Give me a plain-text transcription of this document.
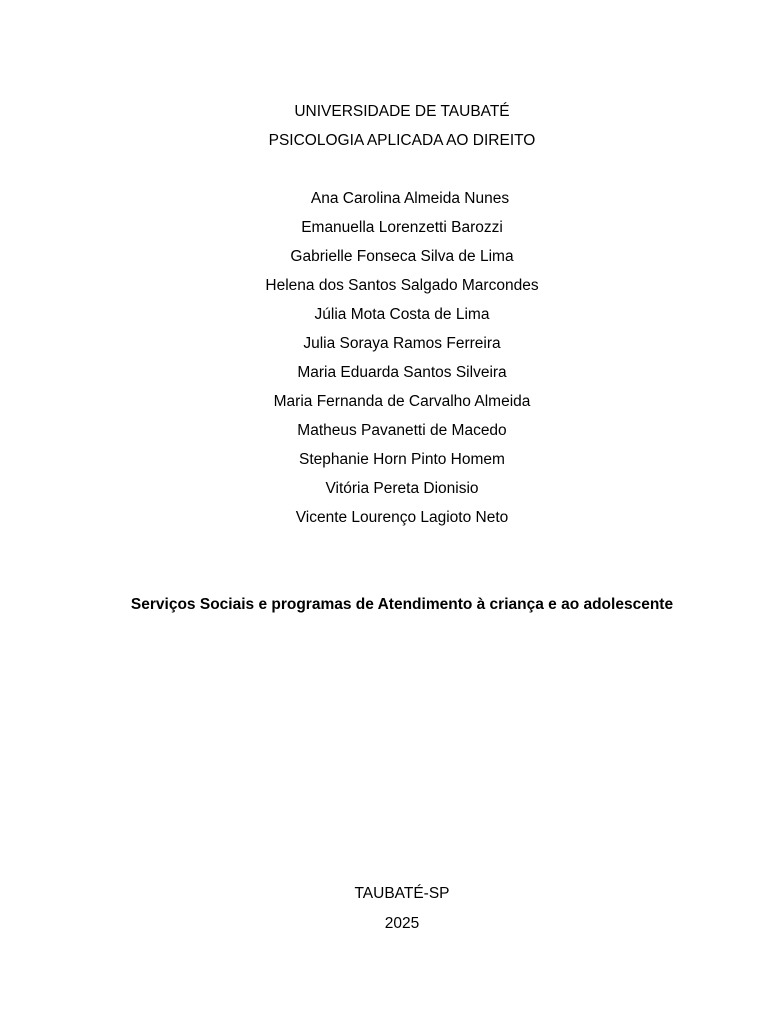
UNIVERSIDADE DE TAUBATÉ
PSICOLOGIA APLICADA AO DIREITO
Ana Carolina Almeida Nunes
Emanuella Lorenzetti Barozzi
Gabrielle Fonseca Silva de Lima
Helena dos Santos Salgado Marcondes
Júlia Mota Costa de Lima
Julia Soraya Ramos Ferreira
Maria Eduarda Santos Silveira
Maria Fernanda de Carvalho Almeida
Matheus Pavanetti de Macedo
Stephanie Horn Pinto Homem
Vitória Pereta Dionisio
Vicente Lourenço Lagioto Neto
Serviços Sociais e programas de Atendimento à criança e ao adolescente
TAUBATÉ-SP
2025
